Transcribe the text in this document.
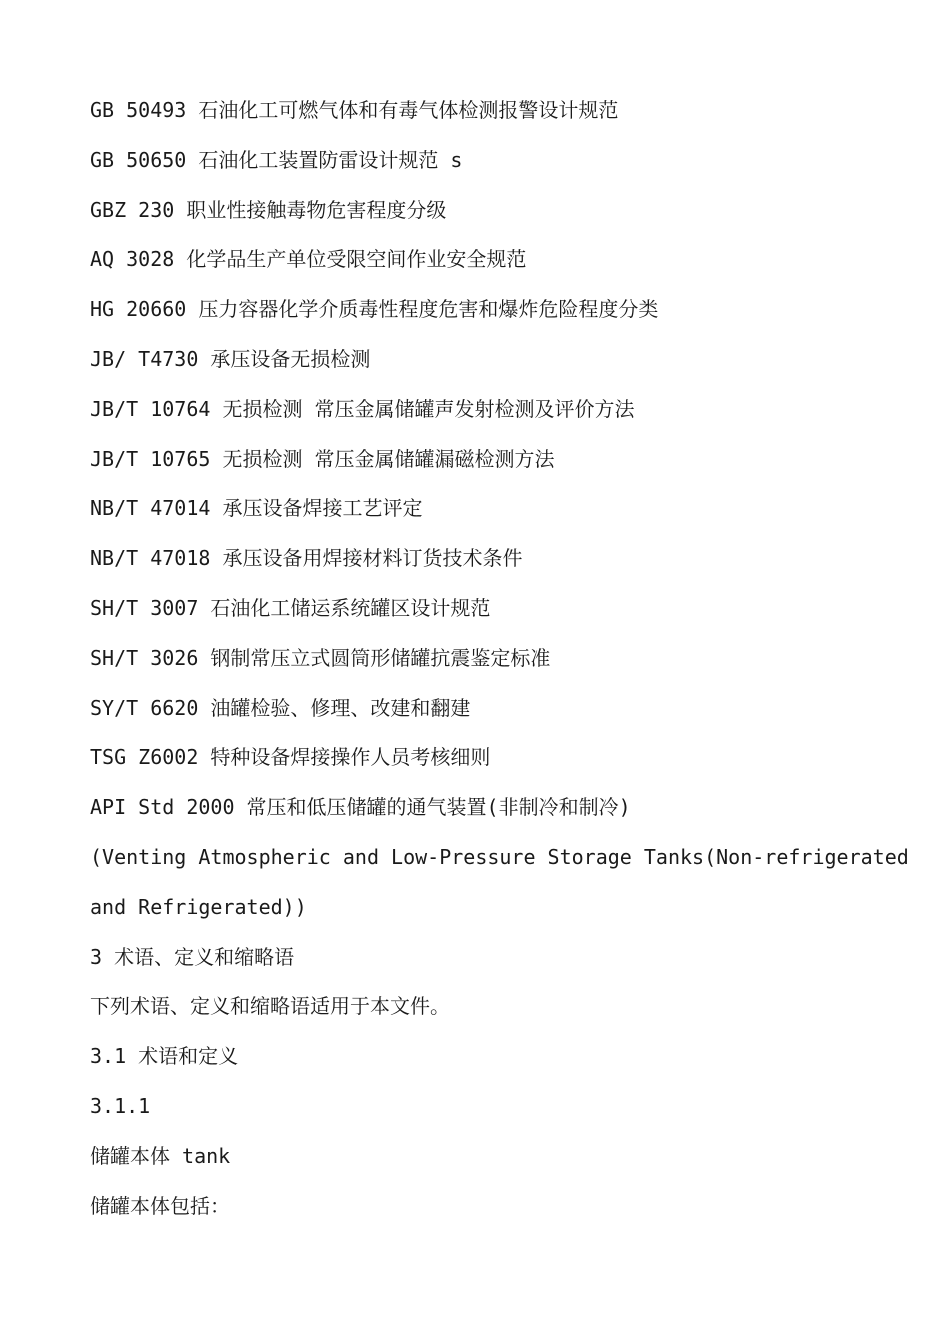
GB 50493 石油化工可燃气体和有毒气体检测报警设计规范
GB 50650 石油化工装置防雷设计规范 s
GBZ 230 职业性接触毒物危害程度分级
AQ 3028 化学品生产单位受限空间作业安全规范
HG 20660 压力容器化学介质毒性程度危害和爆炸危险程度分类
JB/ T4730 承压设备无损检测
JB/T 10764 无损检测 常压金属储罐声发射检测及评价方法
JB/T 10765 无损检测 常压金属储罐漏磁检测方法
NB/T 47014 承压设备焊接工艺评定
NB/T 47018 承压设备用焊接材料订货技术条件
SH/T 3007 石油化工储运系统罐区设计规范
SH/T 3026 钢制常压立式圆筒形储罐抗震鉴定标准
SY/T 6620 油罐检验、修理、改建和翻建
TSG Z6002 特种设备焊接操作人员考核细则
API Std 2000 常压和低压储罐的通气装置(非制冷和制冷)
(Venting Atmospheric and Low-Pressure Storage Tanks(Non-refrigerated
and Refrigerated))
3 术语、定义和缩略语
下列术语、定义和缩略语适用于本文件。
3.1 术语和定义
3.1.1
储罐本体 tank
储罐本体包括：
